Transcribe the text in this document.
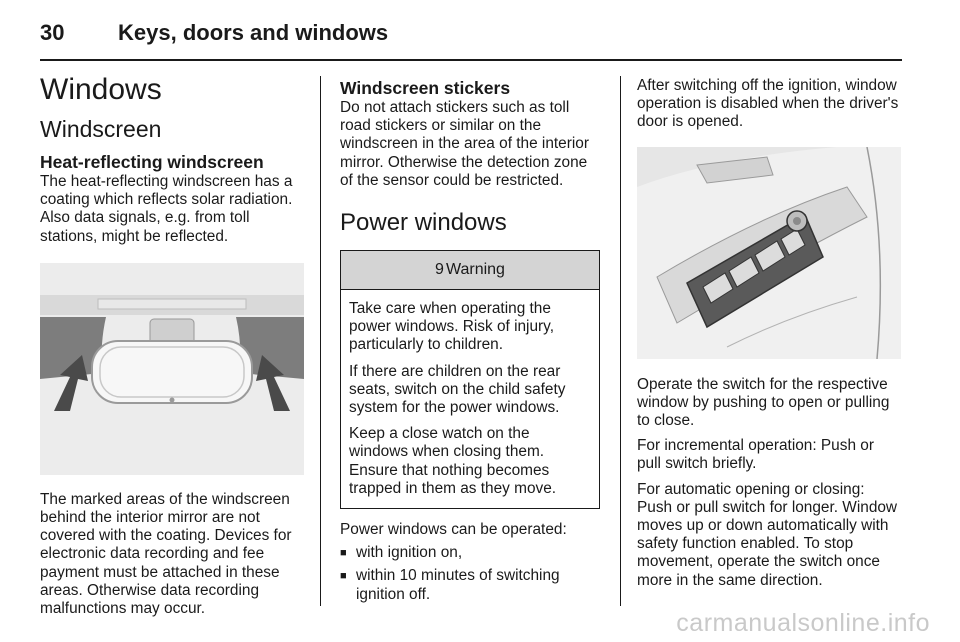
30 Keys, doors and windows
Windows
Windscreen
Heat-reflecting windscreen

The heat-reflecting windscreen has a coating which reflects solar radiation. Also data signals, e.g. from toll stations, might be reflected.

The marked areas of the windscreen behind the interior mirror are not covered with the coating. Devices for electronic data recording and fee payment must be attached in these areas. Otherwise data recording malfunctions may occur.

Windscreen stickers

Do not attach stickers such as toll road stickers or similar on the windscreen in the area of the interior mirror. Otherwise the detection zone of the sensor could be restricted.

Power windows
9 Warning

Take care when operating the power windows. Risk of injury, particularly to children.

If there are children on the rear seats, switch on the child safety system for the power windows.

Keep a close watch on the windows when closing them. Ensure that nothing becomes trapped in them as they move.

Power windows can be operated:

■ with ignition on,
■ within 10 minutes of switching ignition off.

After switching off the ignition, window operation is disabled when the driver's door is opened.

Operate the switch for the respective window by pushing to open or pulling to close.

For incremental operation: Push or pull switch briefly.

For automatic opening or closing: Push or pull switch for longer. Window moves up or down automatically with safety function enabled. To stop movement, operate the switch once more in the same direction.

carmanualsonline.info
